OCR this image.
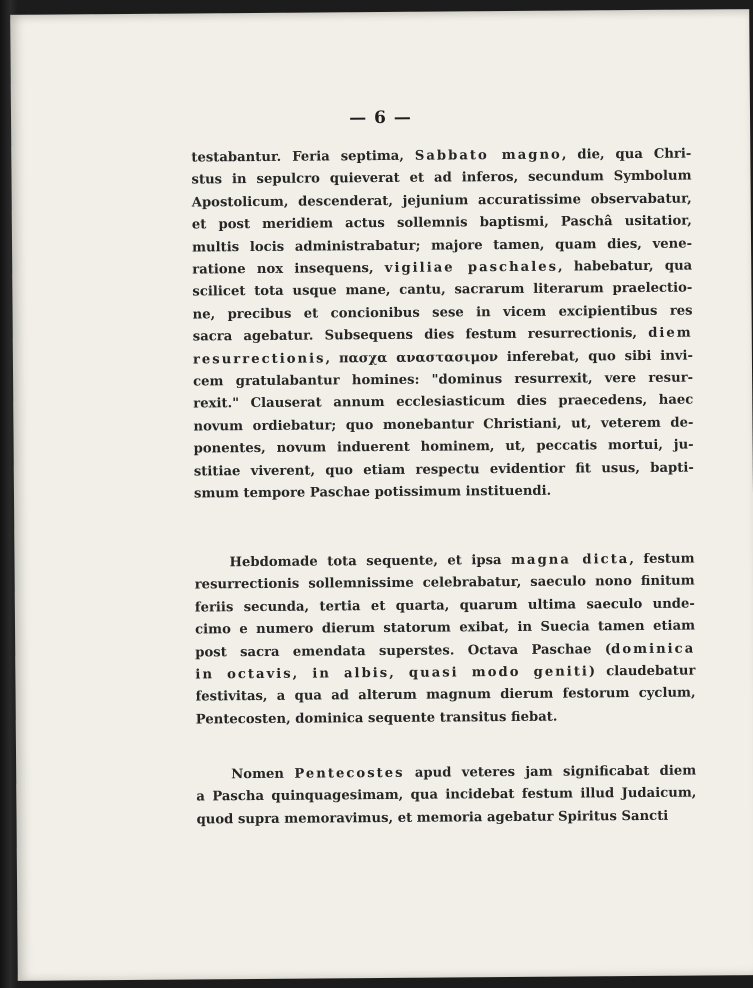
— 6 —
testabantur. Feria septima, Sabbato magno, die, qua Chri-
stus in sepulcro quieverat et ad inferos, secundum Symbolum
Apostolicum, descenderat, jejunium accuratissime observabatur,
et post meridiem actus sollemnis baptismi, Paschâ usitatior,
multis locis administrabatur; majore tamen, quam dies, vene-
ratione nox insequens, vigiliae paschales, habebatur, qua
scilicet tota usque mane, cantu, sacrarum literarum praelectio-
ne, precibus et concionibus sese in vicem excipientibus res
sacra agebatur. Subsequens dies festum resurrectionis, diem
resurrectionis, πασχα αναστασιμον inferebat, quo sibi invi-
cem gratulabantur homines: "dominus resurrexit, vere resur-
rexit." Clauserat annum ecclesiasticum dies praecedens, haec
novum ordiebatur; quo monebantur Christiani, ut, veterem de-
ponentes, novum induerent hominem, ut, peccatis mortui, ju-
stitiae viverent, quo etiam respectu evidentior fit usus, bapti-
smum tempore Paschae potissimum instituendi.
Hebdomade tota sequente, et ipsa magna dicta, festum
resurrectionis sollemnissime celebrabatur, saeculo nono finitum
feriis secunda, tertia et quarta, quarum ultima saeculo unde-
cimo e numero dierum statorum exibat, in Suecia tamen etiam
post sacra emendata superstes. Octava Paschae (dominica
in octavis, in albis, quasi modo geniti) claudebatur
festivitas, a qua ad alterum magnum dierum festorum cyclum,
Pentecosten, dominica sequente transitus fiebat.
Nomen Pentecostes apud veteres jam significabat diem
a Pascha quinquagesimam, qua incidebat festum illud Judaicum,
quod supra memoravimus, et memoria agebatur Spiritus Sancti
